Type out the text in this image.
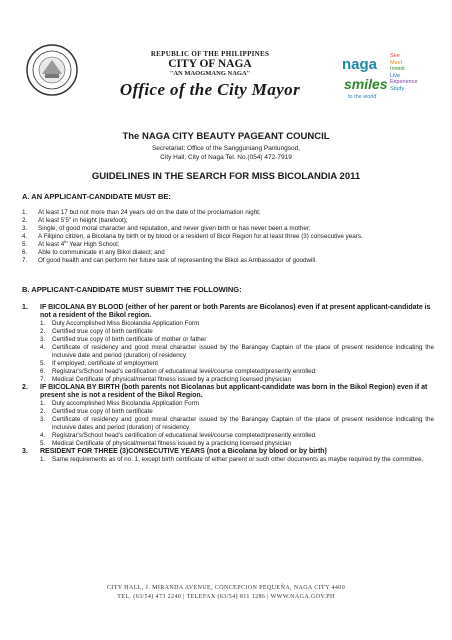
REPUBLIC OF THE PHILIPPINES
CITY OF NAGA
"AN MAOGMANG NAGA"
Office of the City Mayor
naga
smiles
to the world
See
Meet
Invest
Live
Experience
Study
The NAGA CITY BEAUTY PAGEANT COUNCIL
Secretariat: Office of the Sangguniang Panlungsod,
City Hall, City of Naga Tel. No.(054) 472-7919
GUIDELINES IN THE SEARCH FOR MISS BICOLANDIA 2011
A. AN APPLICANT-CANDIDATE MUST BE:
1.	At least 17 but not more than 24 years old on the date of the proclamation night;
2.	At least 5'5" in height (barefoot);
3.	Single, of good moral character and reputation, and never given birth or has never been a mother;
4.	A Filipino citizen, a Bicolana by birth or by blood or a resident of Bicol Region for at least three (3) consecutive years.
5.	At least 4th Year High School;
6.	Able to communicate in any Bikol dialect; and
7.	Of good health and can perform her future task of representing the Bikol as Ambassador of goodwill.
B. APPLICANT-CANDIDATE MUST SUBMIT THE FOLLOWING:
1.	IF BICOLANA BY BLOOD (either of her parent or both Parents are Bicolanos) even if at present applicant-candidate is not a resident of the Bikol region.
1.	Duly Accomplished Miss Bicolandia Application Form
2.	Certified true copy of birth certificate
3.	Certified true copy of birth certificate of mother or father
4.	Certificate of residency and good moral character issued by the Barangay Captain of the place of present residence indicating the inclusive date and period (duration) of residency
5.	If employed, certificate of employment
6.	Registrar's/School head's certification of educational level/course completed/presently enrolled;
7.	Medical Certificate of physical/mental fitness issued by a practicing licensed physician
2.	IF BICOLANA BY BIRTH (both parents not Bicolanas but applicant-candidate was born in the Bikol Region) even if at present she is not a resident of the Bikol Region.
1.	Duly accomplished Miss Bicolandia Application Form
2.	Certified true copy of birth certificate
3.	Certificate of residency and good moral character issued by the Barangay Captain of the place of present residence indicating the inclusive dates and period (duration) of residency
4.	Registrar's/School head's certification of educational level/course completed/presently enrolled
5.	Medical Certificate of physical/mental fitness issued by a practicing licensed physician
3.	RESIDENT FOR THREE (3)CONSECUTIVE YEARS (not a Bicolana by blood or by birth)
1.	Same requirements as of no. 1, except birth certificate of either parent or such other documents as maybe required by the committee.
CITY HALL, J. MIRANDA AVENUE, CONCEPCION PEQUEÑA, NAGA CITY 4400
TEL. (63/54) 473 2240 | TELEFAX (63/54) 811 1286 | WWW.NAGA.GOV.PH
